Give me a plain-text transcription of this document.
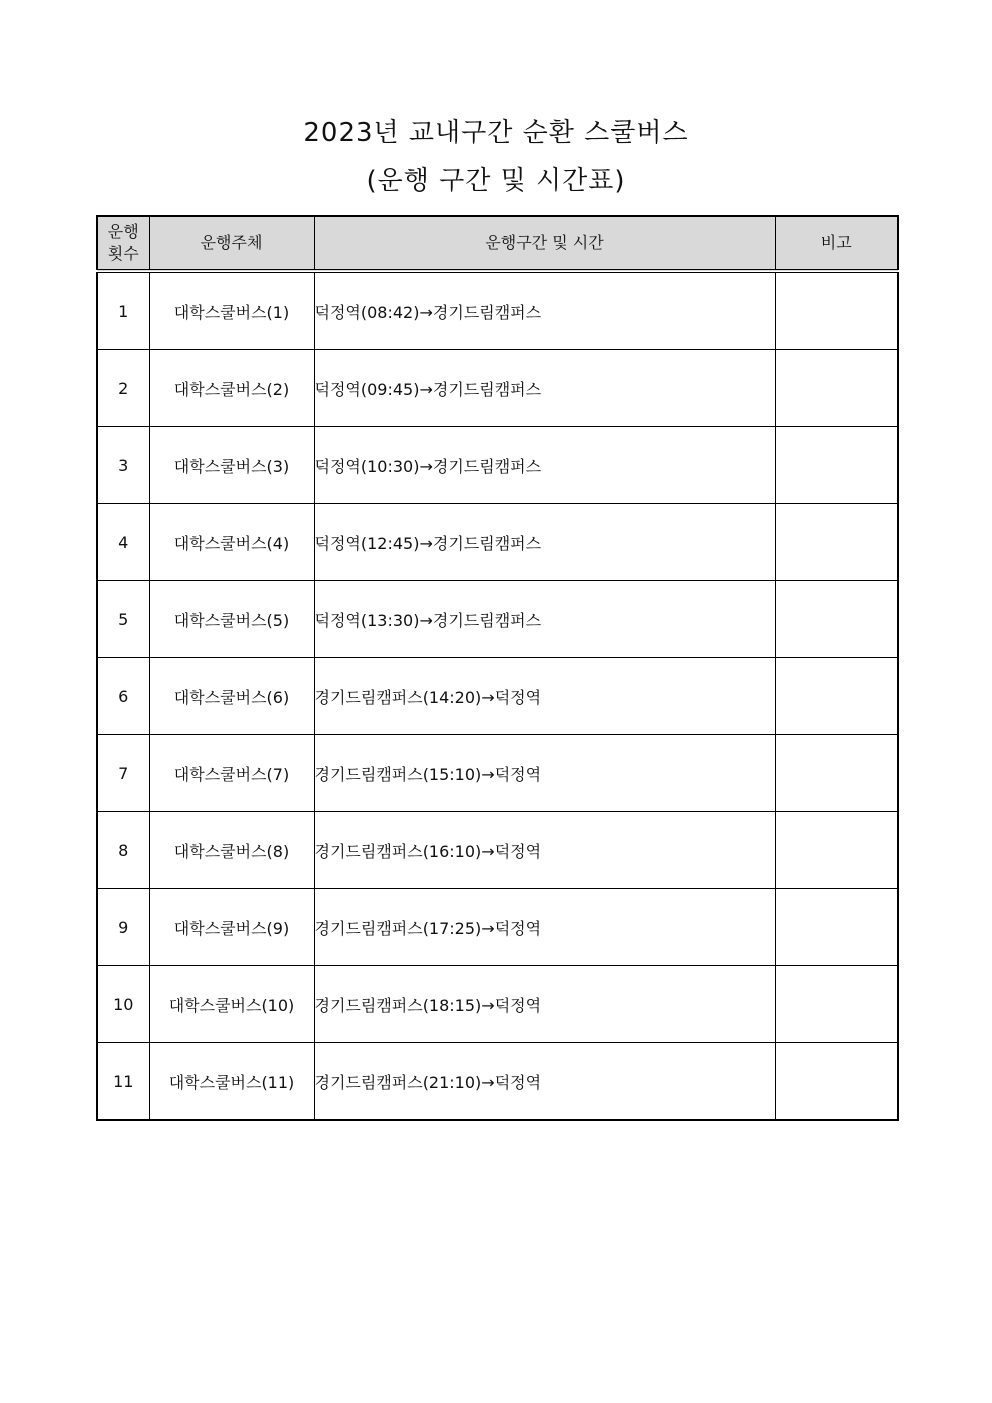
2023년 교내구간 순환 스쿨버스
(운행 구간 및 시간표)
운행
횟수	운행주체	운행구간 및 시간	비고
1	대학스쿨버스(1)	덕정역(08:42)→경기드림캠퍼스	
2	대학스쿨버스(2)	덕정역(09:45)→경기드림캠퍼스	
3	대학스쿨버스(3)	덕정역(10:30)→경기드림캠퍼스	
4	대학스쿨버스(4)	덕정역(12:45)→경기드림캠퍼스	
5	대학스쿨버스(5)	덕정역(13:30)→경기드림캠퍼스	
6	대학스쿨버스(6)	경기드림캠퍼스(14:20)→덕정역	
7	대학스쿨버스(7)	경기드림캠퍼스(15:10)→덕정역	
8	대학스쿨버스(8)	경기드림캠퍼스(16:10)→덕정역	
9	대학스쿨버스(9)	경기드림캠퍼스(17:25)→덕정역	
10	대학스쿨버스(10)	경기드림캠퍼스(18:15)→덕정역	
11	대학스쿨버스(11)	경기드림캠퍼스(21:10)→덕정역	
